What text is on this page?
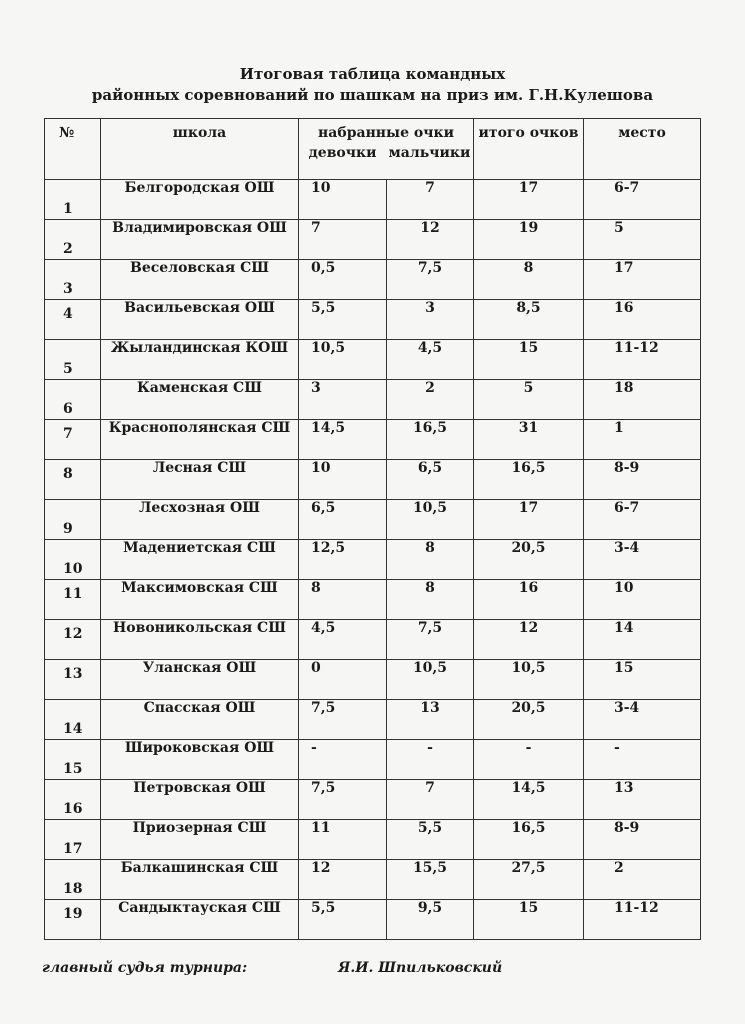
Итоговая таблица командных
районных соревнований по шашкам на приз им. Г.Н.Кулешова
№	школа	набранные очки
девочки мальчики		итого очков	место

1	Белгородская ОШ	10	7	17	6-7

2	Владимировская ОШ	7	12	19	5

3	Веселовская СШ	0,5	7,5	8	17

4	Васильевская ОШ	5,5	3	8,5	16

5	Жыландинская КОШ	10,5	4,5	15	11-12

6	Каменская СШ	3	2	5	18

7	Краснополянская СШ	14,5	16,5	31	1

8	Лесная СШ	10	6,5	16,5	8-9

9	Лесхозная ОШ	6,5	10,5	17	6-7

10	Мадениетская СШ	12,5	8	20,5	3-4

11	Максимовская СШ	8	8	16	10

12	Новоникольская СШ	4,5	7,5	12	14

13	Уланская ОШ	0	10,5	10,5	15

14	Спасская ОШ	7,5	13	20,5	3-4

15	Широковская ОШ	-	-	-	-

16	Петровская ОШ	7,5	7	14,5	13

17	Приозерная СШ	11	5,5	16,5	8-9

18	Балкашинская СШ	12	15,5	27,5	2

19	Сандыктауская СШ	5,5	9,5	15	11-12
главный судья турнира:	Я.И. Шпильковский
